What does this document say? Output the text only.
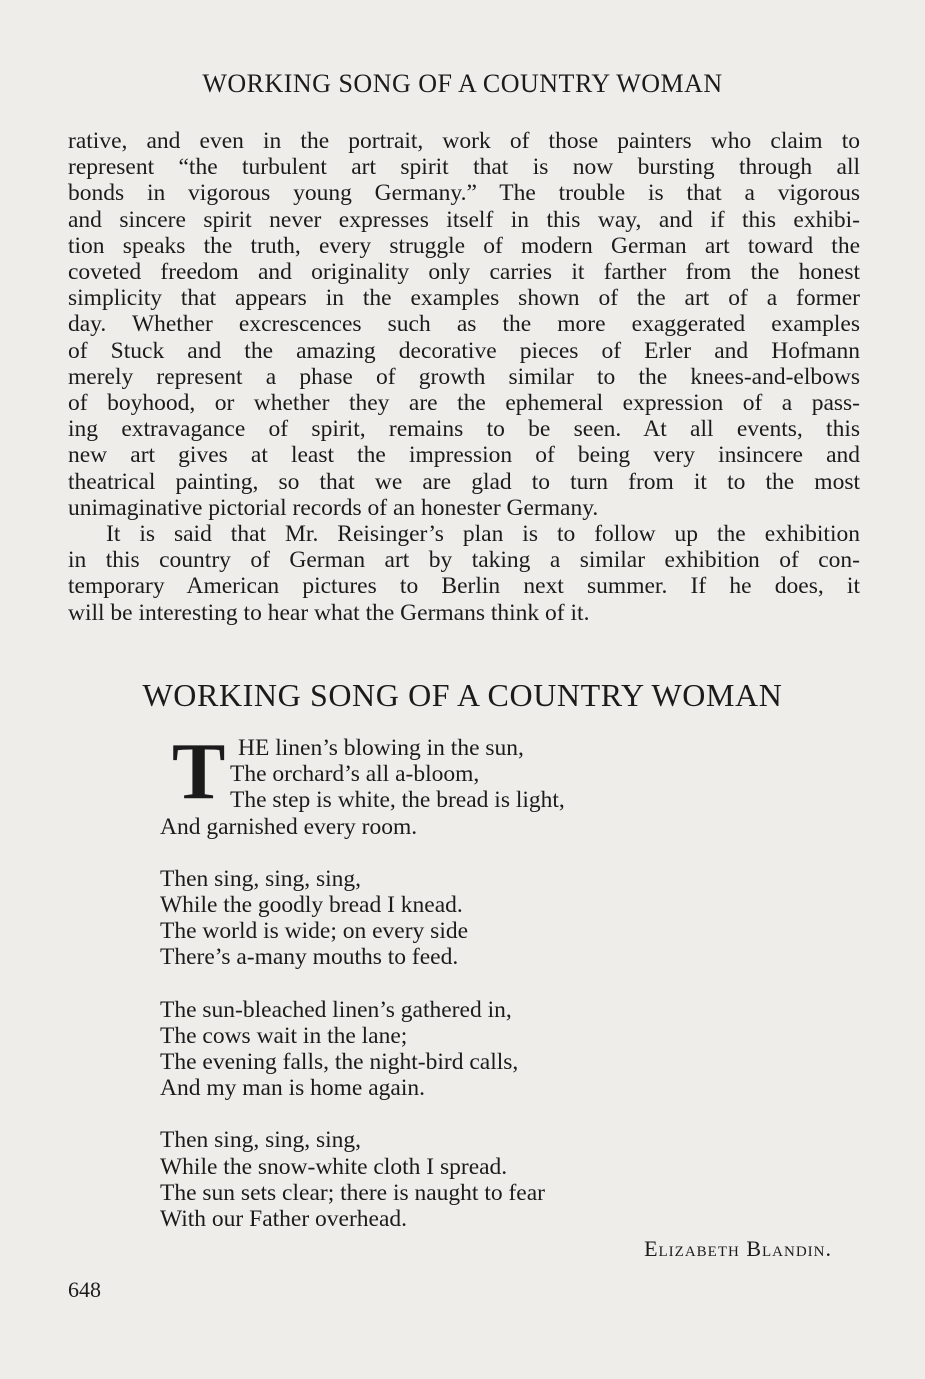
WORKING SONG OF A COUNTRY WOMAN

rative, and even in the portrait, work of those painters who claim to
represent “the turbulent art spirit that is now bursting through all
bonds in vigorous young Germany.” The trouble is that a vigorous
and sincere spirit never expresses itself in this way, and if this exhibi-
tion speaks the truth, every struggle of modern German art toward the
coveted freedom and originality only carries it farther from the honest
simplicity that appears in the examples shown of the art of a former
day. Whether excrescences such as the more exaggerated examples
of Stuck and the amazing decorative pieces of Erler and Hofmann
merely represent a phase of growth similar to the knees-and-elbows
of boyhood, or whether they are the ephemeral expression of a pass-
ing extravagance of spirit, remains to be seen. At all events, this
new art gives at least the impression of being very insincere and
theatrical painting, so that we are glad to turn from it to the most
unimaginative pictorial records of an honester Germany.

It is said that Mr. Reisinger’s plan is to follow up the exhibition
in this country of German art by taking a similar exhibition of con-
temporary American pictures to Berlin next summer. If he does, it
will be interesting to hear what the Germans think of it.

WORKING SONG OF A COUNTRY WOMAN
T HE linen’s blowing in the sun,
The orchard’s all a-bloom,
The step is white, the bread is light,
And garnished every room.
Then sing, sing, sing,
While the goodly bread I knead.
The world is wide; on every side
There’s a-many mouths to feed.
The sun-bleached linen’s gathered in,
The cows wait in the lane;
The evening falls, the night-bird calls,
And my man is home again.
Then sing, sing, sing,
While the snow-white cloth I spread.
The sun sets clear; there is naught to fear
With our Father overhead.
Elizabeth Blandin.
648
